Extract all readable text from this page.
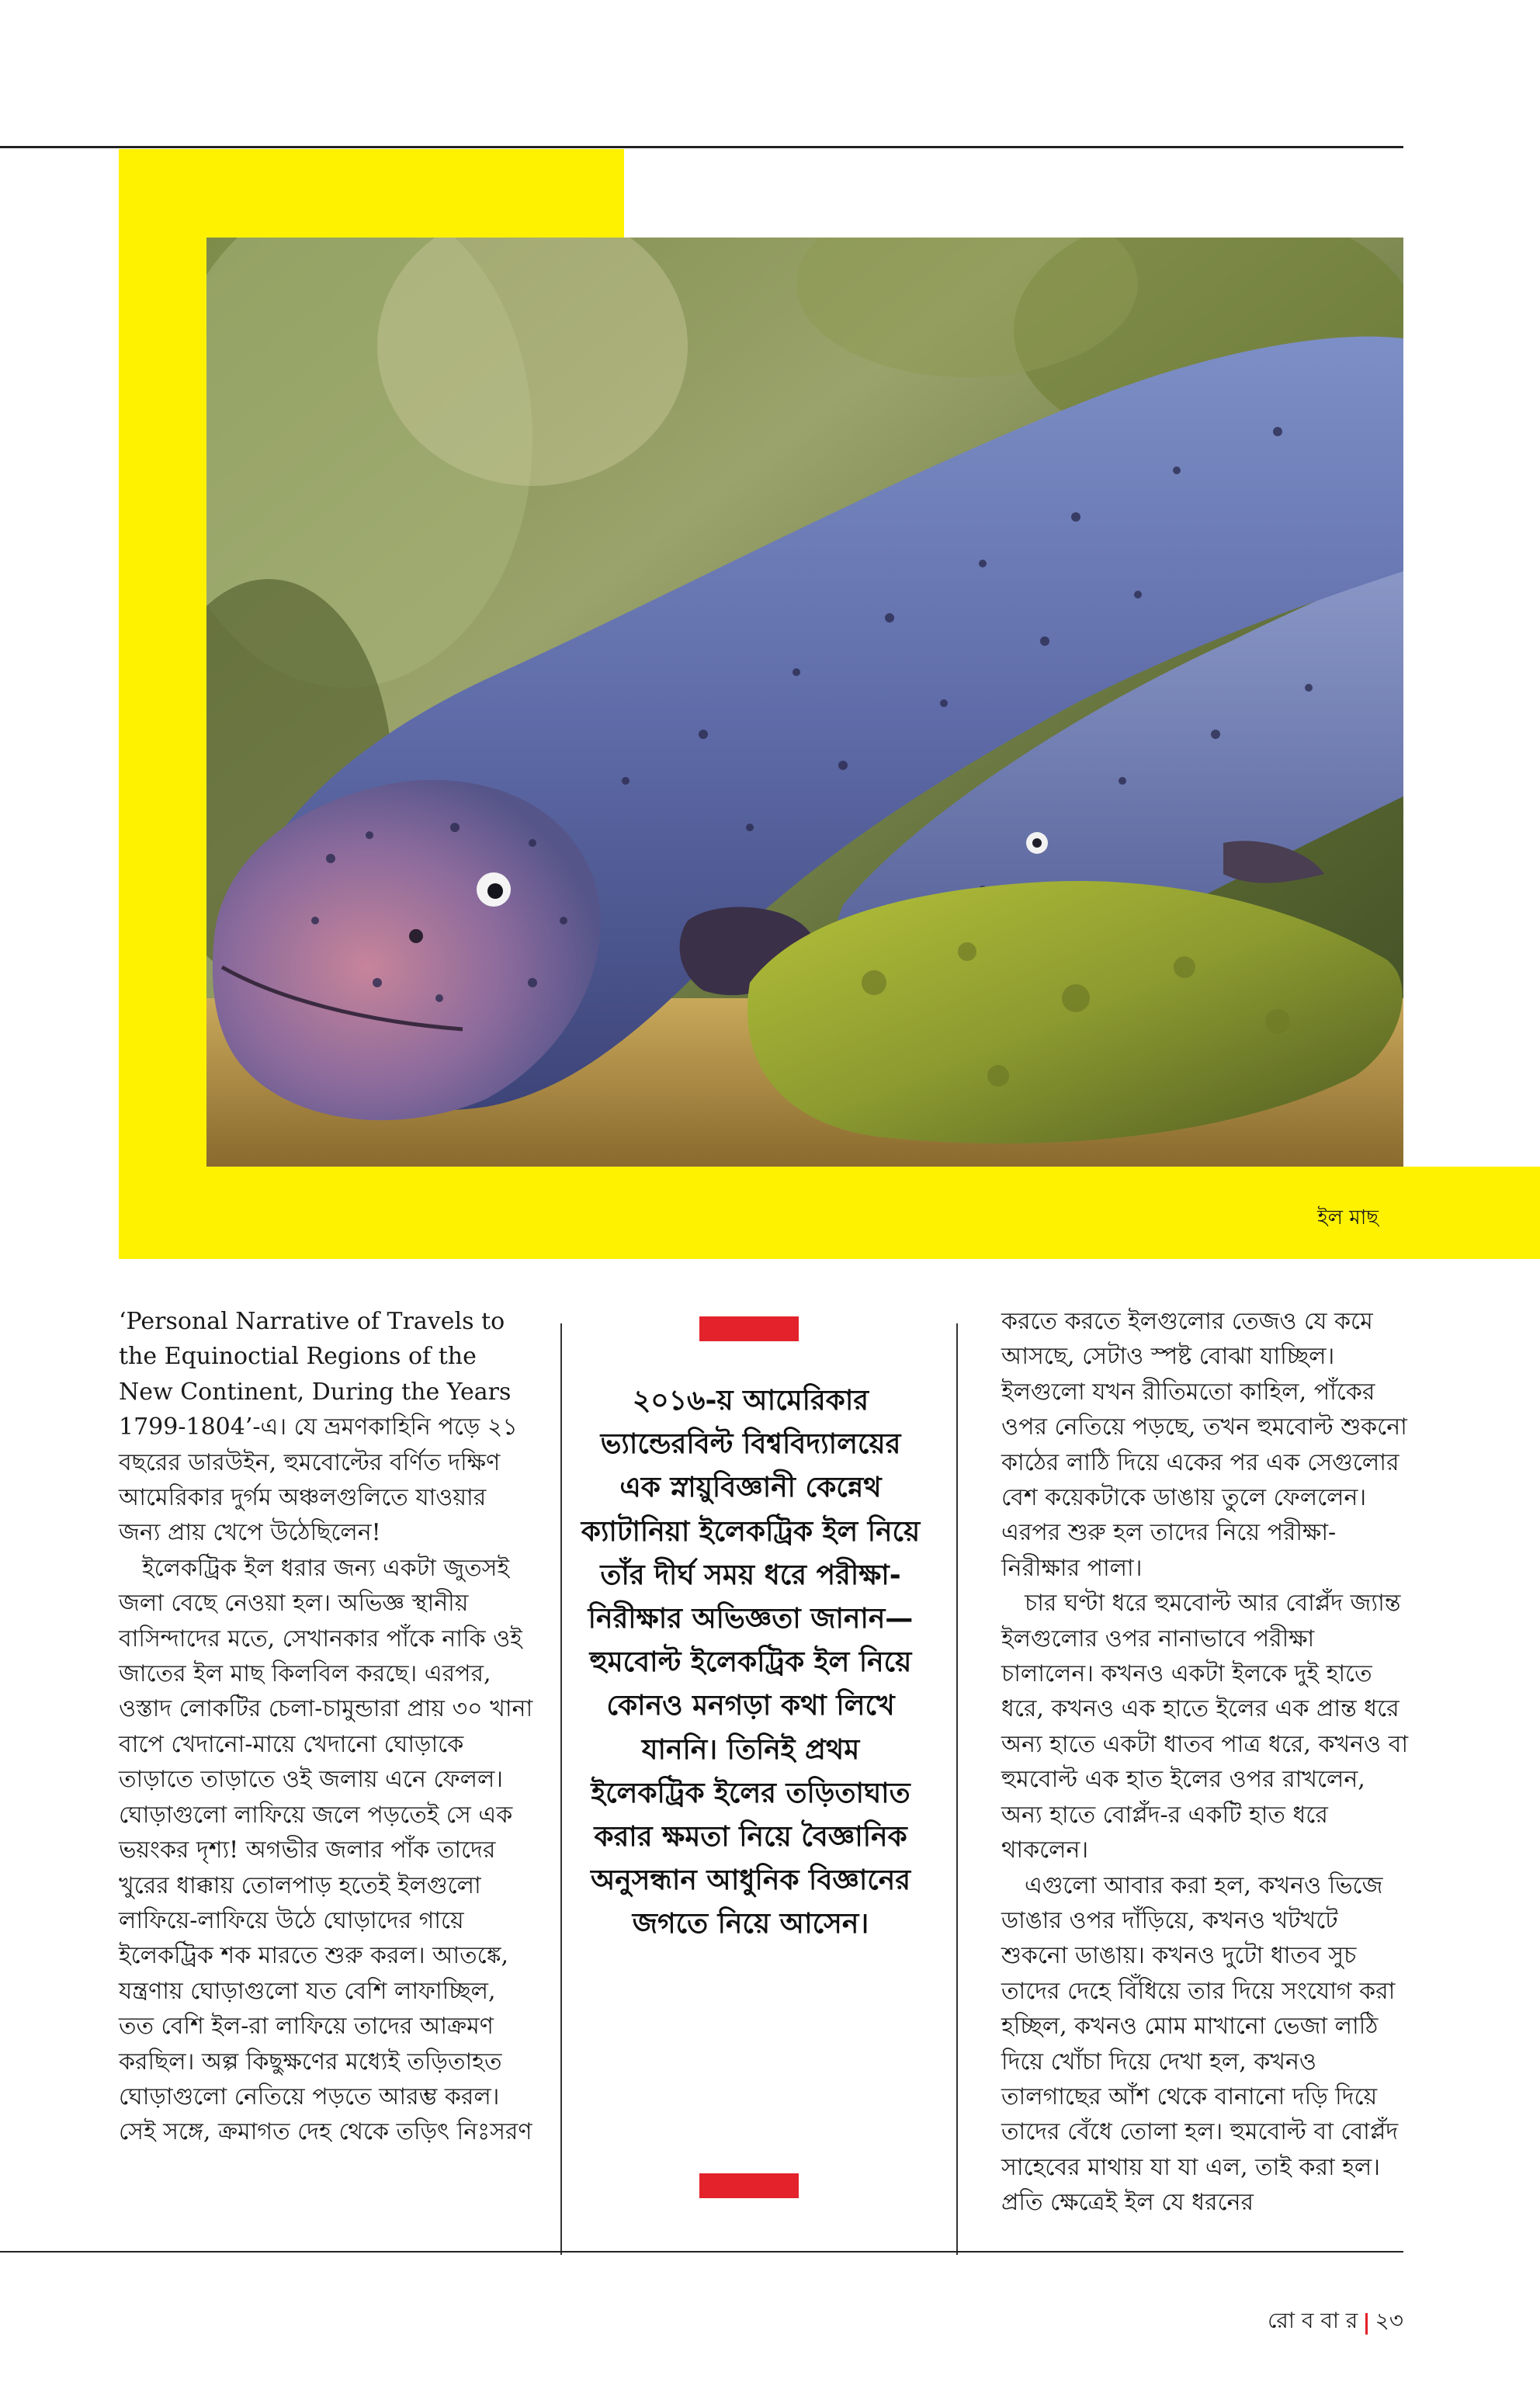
ইল মাছ

‘Personal Narrative of Travels to the Equinoctial Regions of the New Continent, During the Years 1799-1804’-এ। যে ভ্রমণকাহিনি পড়ে ২১ বছরের ডারউইন, হুমবোল্টের বর্ণিত দক্ষিণ আমেরিকার দুর্গম অঞ্চলগুলিতে যাওয়ার জন্য প্রায় খেপে উঠেছিলেন!

ইলেকট্রিক ইল ধরার জন্য একটা জুতসই জলা বেছে নেওয়া হল। অভিজ্ঞ স্থানীয় বাসিন্দাদের মতে, সেখানকার পাঁকে নাকি ওই জাতের ইল মাছ কিলবিল করছে। এরপর, ওস্তাদ লোকটির চেলা-চামুন্ডারা প্রায় ৩০ খানা বাপে খেদানো-মায়ে খেদানো ঘোড়াকে তাড়াতে তাড়াতে ওই জলায় এনে ফেলল। ঘোড়াগুলো লাফিয়ে জলে পড়তেই সে এক ভয়ংকর দৃশ্য! অগভীর জলার পাঁক তাদের খুরের ধাক্কায় তোলপাড় হতেই ইলগুলো লাফিয়ে-লাফিয়ে উঠে ঘোড়াদের গায়ে ইলেকট্রিক শক মারতে শুরু করল। আতঙ্কে, যন্ত্রণায় ঘোড়াগুলো যত বেশি লাফাচ্ছিল, তত বেশি ইল-রা লাফিয়ে তাদের আক্রমণ করছিল। অল্প কিছুক্ষণের মধ্যেই তড়িতাহত ঘোড়াগুলো নেতিয়ে পড়তে আরম্ভ করল। সেই সঙ্গে, ক্রমাগত দেহ থেকে তড়িৎ নিঃসরণ

২০১৬-য় আমেরিকার ভ্যান্ডেরবিল্ট বিশ্ববিদ্যালয়ের এক স্নায়ুবিজ্ঞানী কেন্নেথ ক্যাটানিয়া ইলেকট্রিক ইল নিয়ে তাঁর দীর্ঘ সময় ধরে পরীক্ষা-নিরীক্ষার অভিজ্ঞতা জানান— হুমবোল্ট ইলেকট্রিক ইল নিয়ে কোনও মনগড়া কথা লিখে যাননি। তিনিই প্রথম ইলেকট্রিক ইলের তড়িতাঘাত করার ক্ষমতা নিয়ে বৈজ্ঞানিক অনুসন্ধান আধুনিক বিজ্ঞানের জগতে নিয়ে আসেন।

করতে করতে ইলগুলোর তেজও যে কমে আসছে, সেটাও স্পষ্ট বোঝা যাচ্ছিল। ইলগুলো যখন রীতিমতো কাহিল, পাঁকের ওপর নেতিয়ে পড়ছে, তখন হুমবোল্ট শুকনো কাঠের লাঠি দিয়ে একের পর এক সেগুলোর বেশ কয়েকটাকে ডাঙায় তুলে ফেললেন। এরপর শুরু হল তাদের নিয়ে পরীক্ষা-নিরীক্ষার পালা।

চার ঘণ্টা ধরে হুমবোল্ট আর বোপ্লঁদ জ্যান্ত ইলগুলোর ওপর নানাভাবে পরীক্ষা চালালেন। কখনও একটা ইলকে দুই হাতে ধরে, কখনও এক হাতে ইলের এক প্রান্ত ধরে অন্য হাতে একটা ধাতব পাত্র ধরে, কখনও বা হুমবোল্ট এক হাত ইলের ওপর রাখলেন, অন্য হাতে বোপ্লঁদ-র একটি হাত ধরে থাকলেন।

এগুলো আবার করা হল, কখনও ভিজে ডাঙার ওপর দাঁড়িয়ে, কখনও খটখটে শুকনো ডাঙায়। কখনও দুটো ধাতব সুচ তাদের দেহে বিঁধিয়ে তার দিয়ে সংযোগ করা হচ্ছিল, কখনও মোম মাখানো ভেজা লাঠি দিয়ে খোঁচা দিয়ে দেখা হল, কখনও তালগাছের আঁশ থেকে বানানো দড়ি দিয়ে তাদের বেঁধে তোলা হল। হুমবোল্ট বা বোপ্লঁদ সাহেবের মাথায় যা যা এল, তাই করা হল। প্রতি ক্ষেত্রেই ইল যে ধরনের

রো ব বা র | ২৩
